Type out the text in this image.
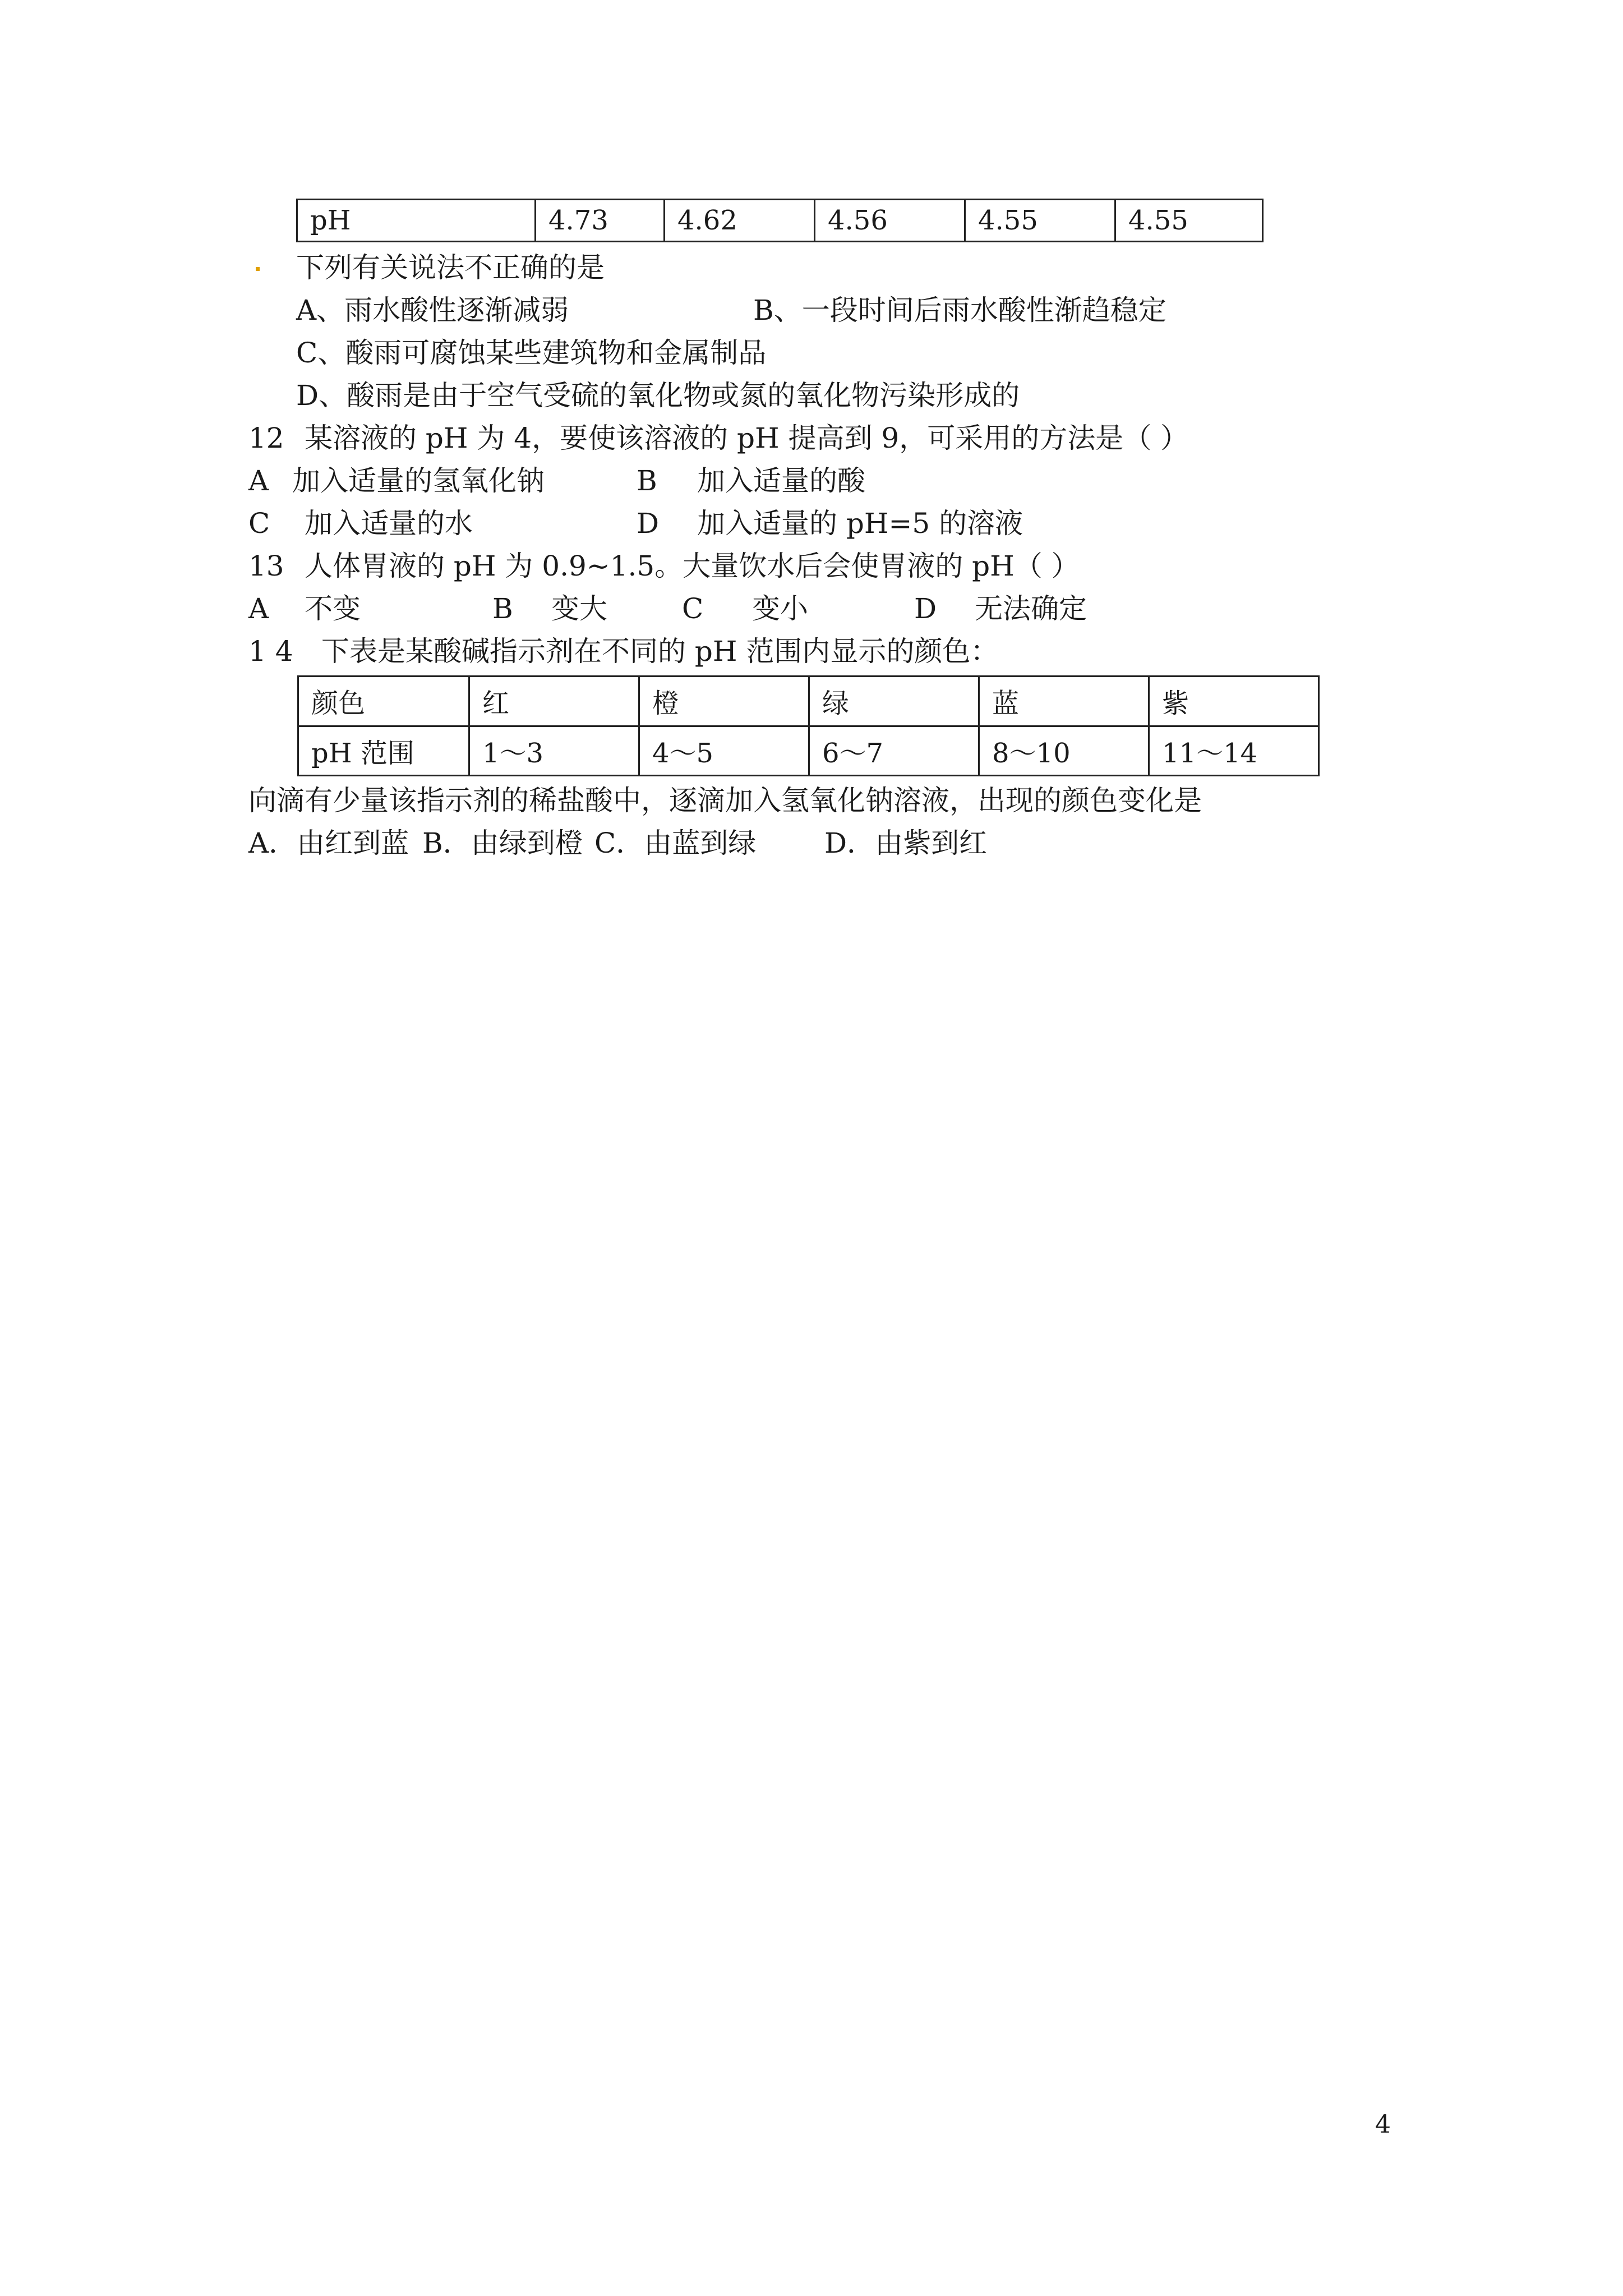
pH	4.73	4.62	4.56	4.55	4.55
下列有关说法不正确的是
A、雨水酸性逐渐减弱	B、一段时间后雨水酸性渐趋稳定
C、酸雨可腐蚀某些建筑物和金属制品
D、酸雨是由于空气受硫的氧化物或氮的氧化物污染形成的
12 某溶液的 pH 为 4，要使该溶液的 pH 提高到 9，可采用的方法是（ ）
A 加入适量的氢氧化钠	B 加入适量的酸
C 加入适量的水	D 加入适量的 pH=5 的溶液
13 人体胃液的 pH 为 0.9~1.5。大量饮水后会使胃液的 pH（ ）
A 不变	B 变大	C 变小	D 无法确定
1 4 下表是某酸碱指示剂在不同的 pH 范围内显示的颜色：
颜色	红	橙	绿	蓝	紫
pH 范围	1～3	4～5	6～7	8～10	11～14
向滴有少量该指示剂的稀盐酸中，逐滴加入氢氧化钠溶液，出现的颜色变化是
A．由红到蓝 B．由绿到橙 C．由蓝到绿 D．由紫到红
4
